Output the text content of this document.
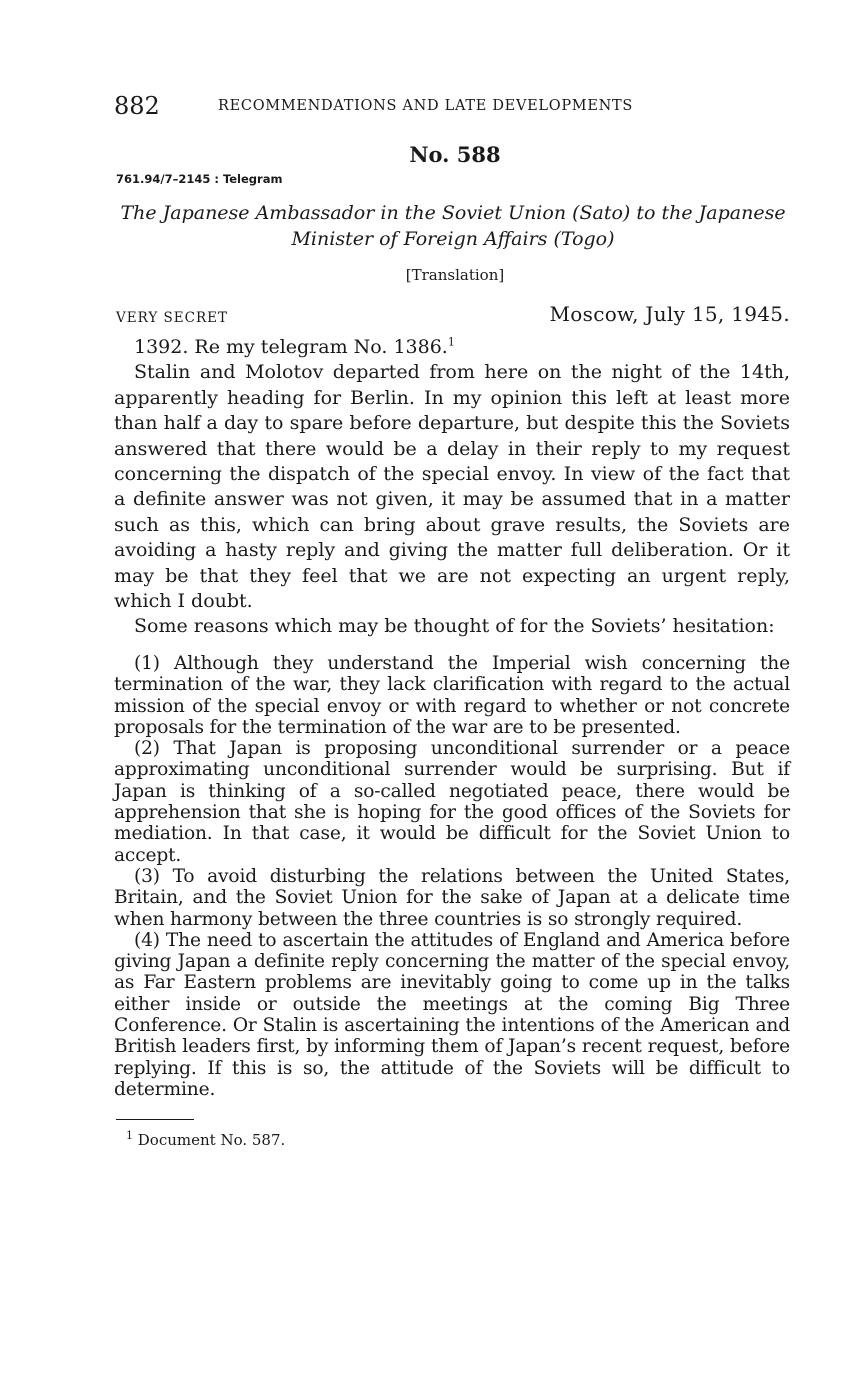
882	RECOMMENDATIONS AND LATE DEVELOPMENTS
No. 588
761.94/7–2145 : Telegram
The Japanese Ambassador in the Soviet Union (Sato) to the Japanese Minister of Foreign Affairs (Togo)
[Translation]
VERY SECRET	Moscow, July 15, 1945.

1392. Re my telegram No. 1386.$^1$

Stalin and Molotov departed from here on the night of the 14th, apparently heading for Berlin. In my opinion this left at least more than half a day to spare before departure, but despite this the Soviets answered that there would be a delay in their reply to my request concerning the dispatch of the special envoy. In view of the fact that a definite answer was not given, it may be assumed that in a matter such as this, which can bring about grave results, the Soviets are avoiding a hasty reply and giving the matter full deliberation. Or it may be that they feel that we are not expecting an urgent reply, which I doubt.

Some reasons which may be thought of for the Soviets’ hesitation:

(1) Although they understand the Imperial wish concerning the termination of the war, they lack clarification with regard to the actual mission of the special envoy or with regard to whether or not concrete proposals for the termination of the war are to be presented.

(2) That Japan is proposing unconditional surrender or a peace approximating unconditional surrender would be surprising. But if Japan is thinking of a so-called negotiated peace, there would be apprehension that she is hoping for the good offices of the Soviets for mediation. In that case, it would be difficult for the Soviet Union to accept.

(3) To avoid disturbing the relations between the United States, Britain, and the Soviet Union for the sake of Japan at a delicate time when harmony between the three countries is so strongly required.

(4) The need to ascertain the attitudes of England and America before giving Japan a definite reply concerning the matter of the special envoy, as Far Eastern problems are inevitably going to come up in the talks either inside or outside the meetings at the coming Big Three Conference. Or Stalin is ascertaining the intentions of the American and British leaders first, by informing them of Japan’s recent request, before replying. If this is so, the attitude of the Soviets will be difficult to determine.

$^1$ Document No. 587.
